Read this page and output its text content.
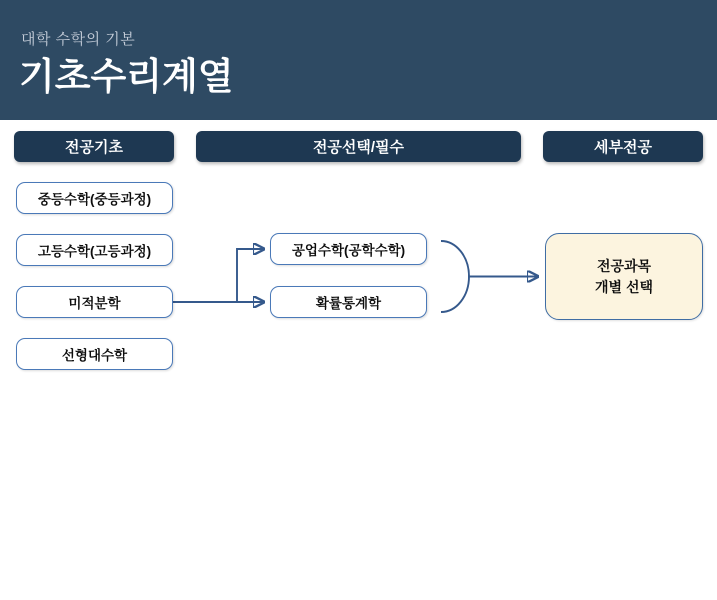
대학 수학의 기본
기초수리계열
전공기초	전공선택/필수	세부전공
중등수학(중등과정)
고등수학(고등과정)
미적분학
선형대수학
공업수학(공학수학)
확률통계학
전공과목
개별 선택
